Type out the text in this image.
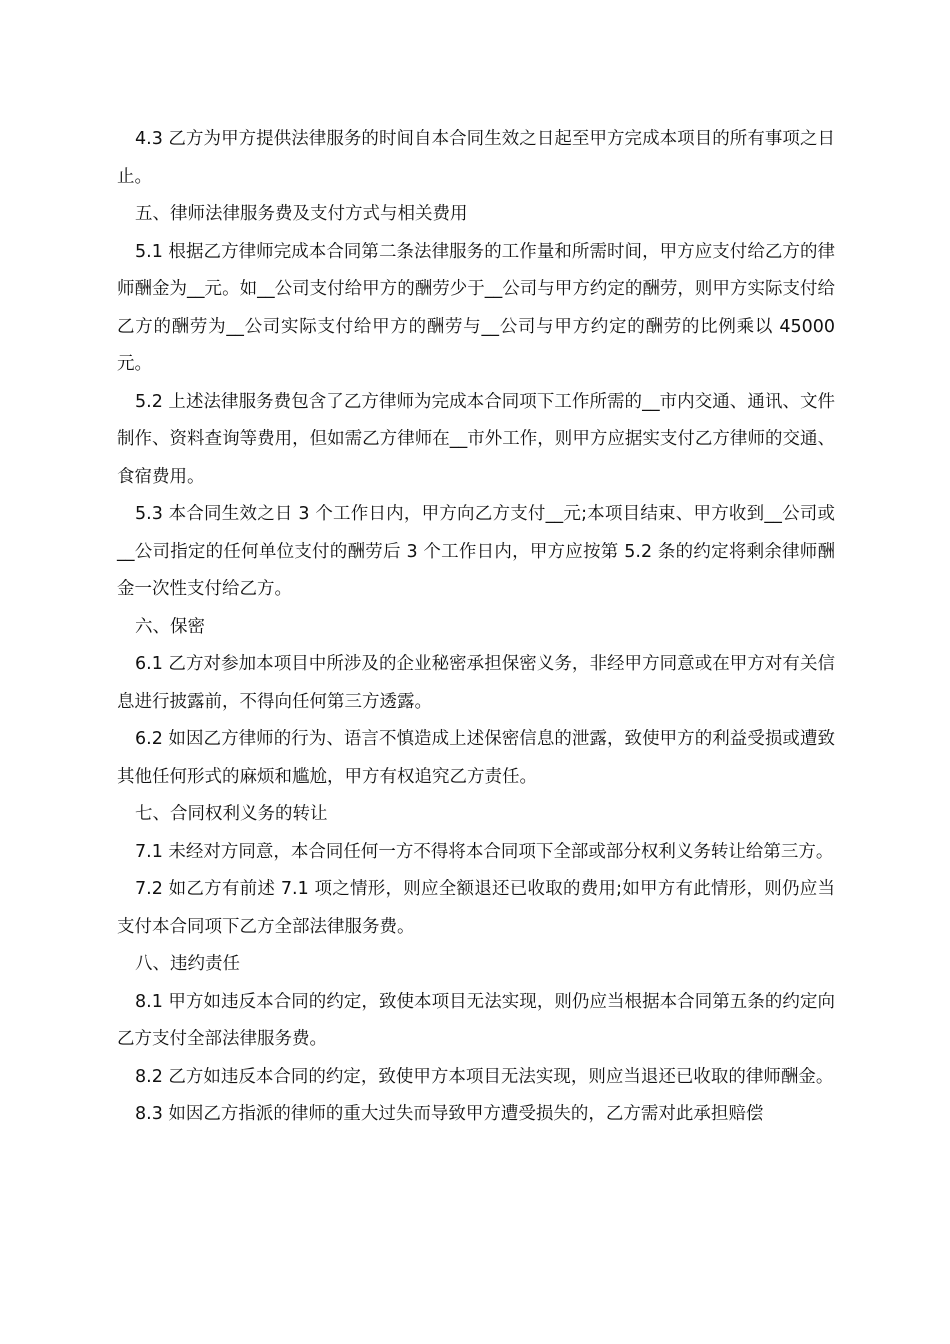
4.3 乙方为甲方提供法律服务的时间自本合同生效之日起至甲方完成本项目的所有事项之日止。

五、律师法律服务费及支付方式与相关费用

5.1 根据乙方律师完成本合同第二条法律服务的工作量和所需时间，甲方应支付给乙方的律师酬金为__元。如__公司支付给甲方的酬劳少于__公司与甲方约定的酬劳，则甲方实际支付给乙方的酬劳为__公司实际支付给甲方的酬劳与__公司与甲方约定的酬劳的比例乘以 45000 元。

5.2 上述法律服务费包含了乙方律师为完成本合同项下工作所需的__市内交通、通讯、文件制作、资料查询等费用，但如需乙方律师在__市外工作，则甲方应据实支付乙方律师的交通、食宿费用。

5.3 本合同生效之日 3 个工作日内，甲方向乙方支付__元;本项目结束、甲方收到__公司或__公司指定的任何单位支付的酬劳后 3 个工作日内，甲方应按第 5.2 条的约定将剩余律师酬金一次性支付给乙方。

六、保密

6.1 乙方对参加本项目中所涉及的企业秘密承担保密义务，非经甲方同意或在甲方对有关信息进行披露前，不得向任何第三方透露。

6.2 如因乙方律师的行为、语言不慎造成上述保密信息的泄露，致使甲方的利益受损或遭致其他任何形式的麻烦和尴尬，甲方有权追究乙方责任。

七、合同权利义务的转让

7.1 未经对方同意，本合同任何一方不得将本合同项下全部或部分权利义务转让给第三方。

7.2 如乙方有前述 7.1 项之情形，则应全额退还已收取的费用;如甲方有此情形，则仍应当支付本合同项下乙方全部法律服务费。

八、违约责任

8.1 甲方如违反本合同的约定，致使本项目无法实现，则仍应当根据本合同第五条的约定向乙方支付全部法律服务费。

8.2 乙方如违反本合同的约定，致使甲方本项目无法实现，则应当退还已收取的律师酬金。

8.3 如因乙方指派的律师的重大过失而导致甲方遭受损失的，乙方需对此承担赔偿
